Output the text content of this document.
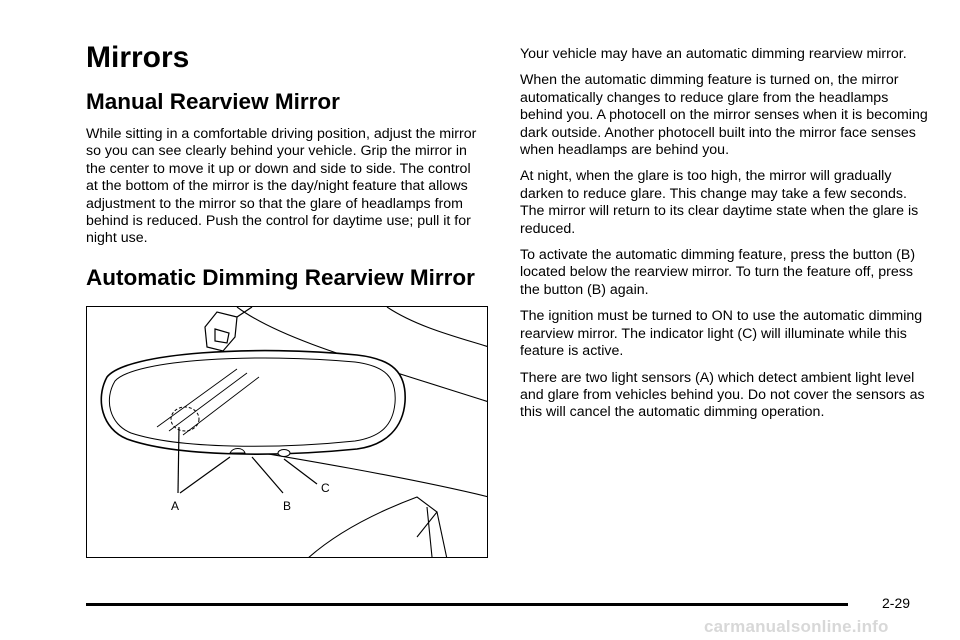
Mirrors
Manual Rearview Mirror

While sitting in a comfortable driving position, adjust the mirror so you can see clearly behind your vehicle. Grip the mirror in the center to move it up or down and side to side. The control at the bottom of the mirror is the day/night feature that allows adjustment to the mirror so that the glare of headlamps from behind is reduced. Push the control for daytime use; pull it for night use.

Automatic Dimming Rearview Mirror
A	B
C

Your vehicle may have an automatic dimming rearview mirror.

When the automatic dimming feature is turned on, the mirror automatically changes to reduce glare from the headlamps behind you. A photocell on the mirror senses when it is becoming dark outside. Another photocell built into the mirror face senses when headlamps are behind you.

At night, when the glare is too high, the mirror will gradually darken to reduce glare. This change may take a few seconds. The mirror will return to its clear daytime state when the glare is reduced.

To activate the automatic dimming feature, press the button (B) located below the rearview mirror. To turn the feature off, press the button (B) again.

The ignition must be turned to ON to use the automatic dimming rearview mirror. The indicator light (C) will illuminate while this feature is active.

There are two light sensors (A) which detect ambient light level and glare from vehicles behind you. Do not cover the sensors as this will cancel the automatic dimming operation.

2-29
carmanualsonline.info
